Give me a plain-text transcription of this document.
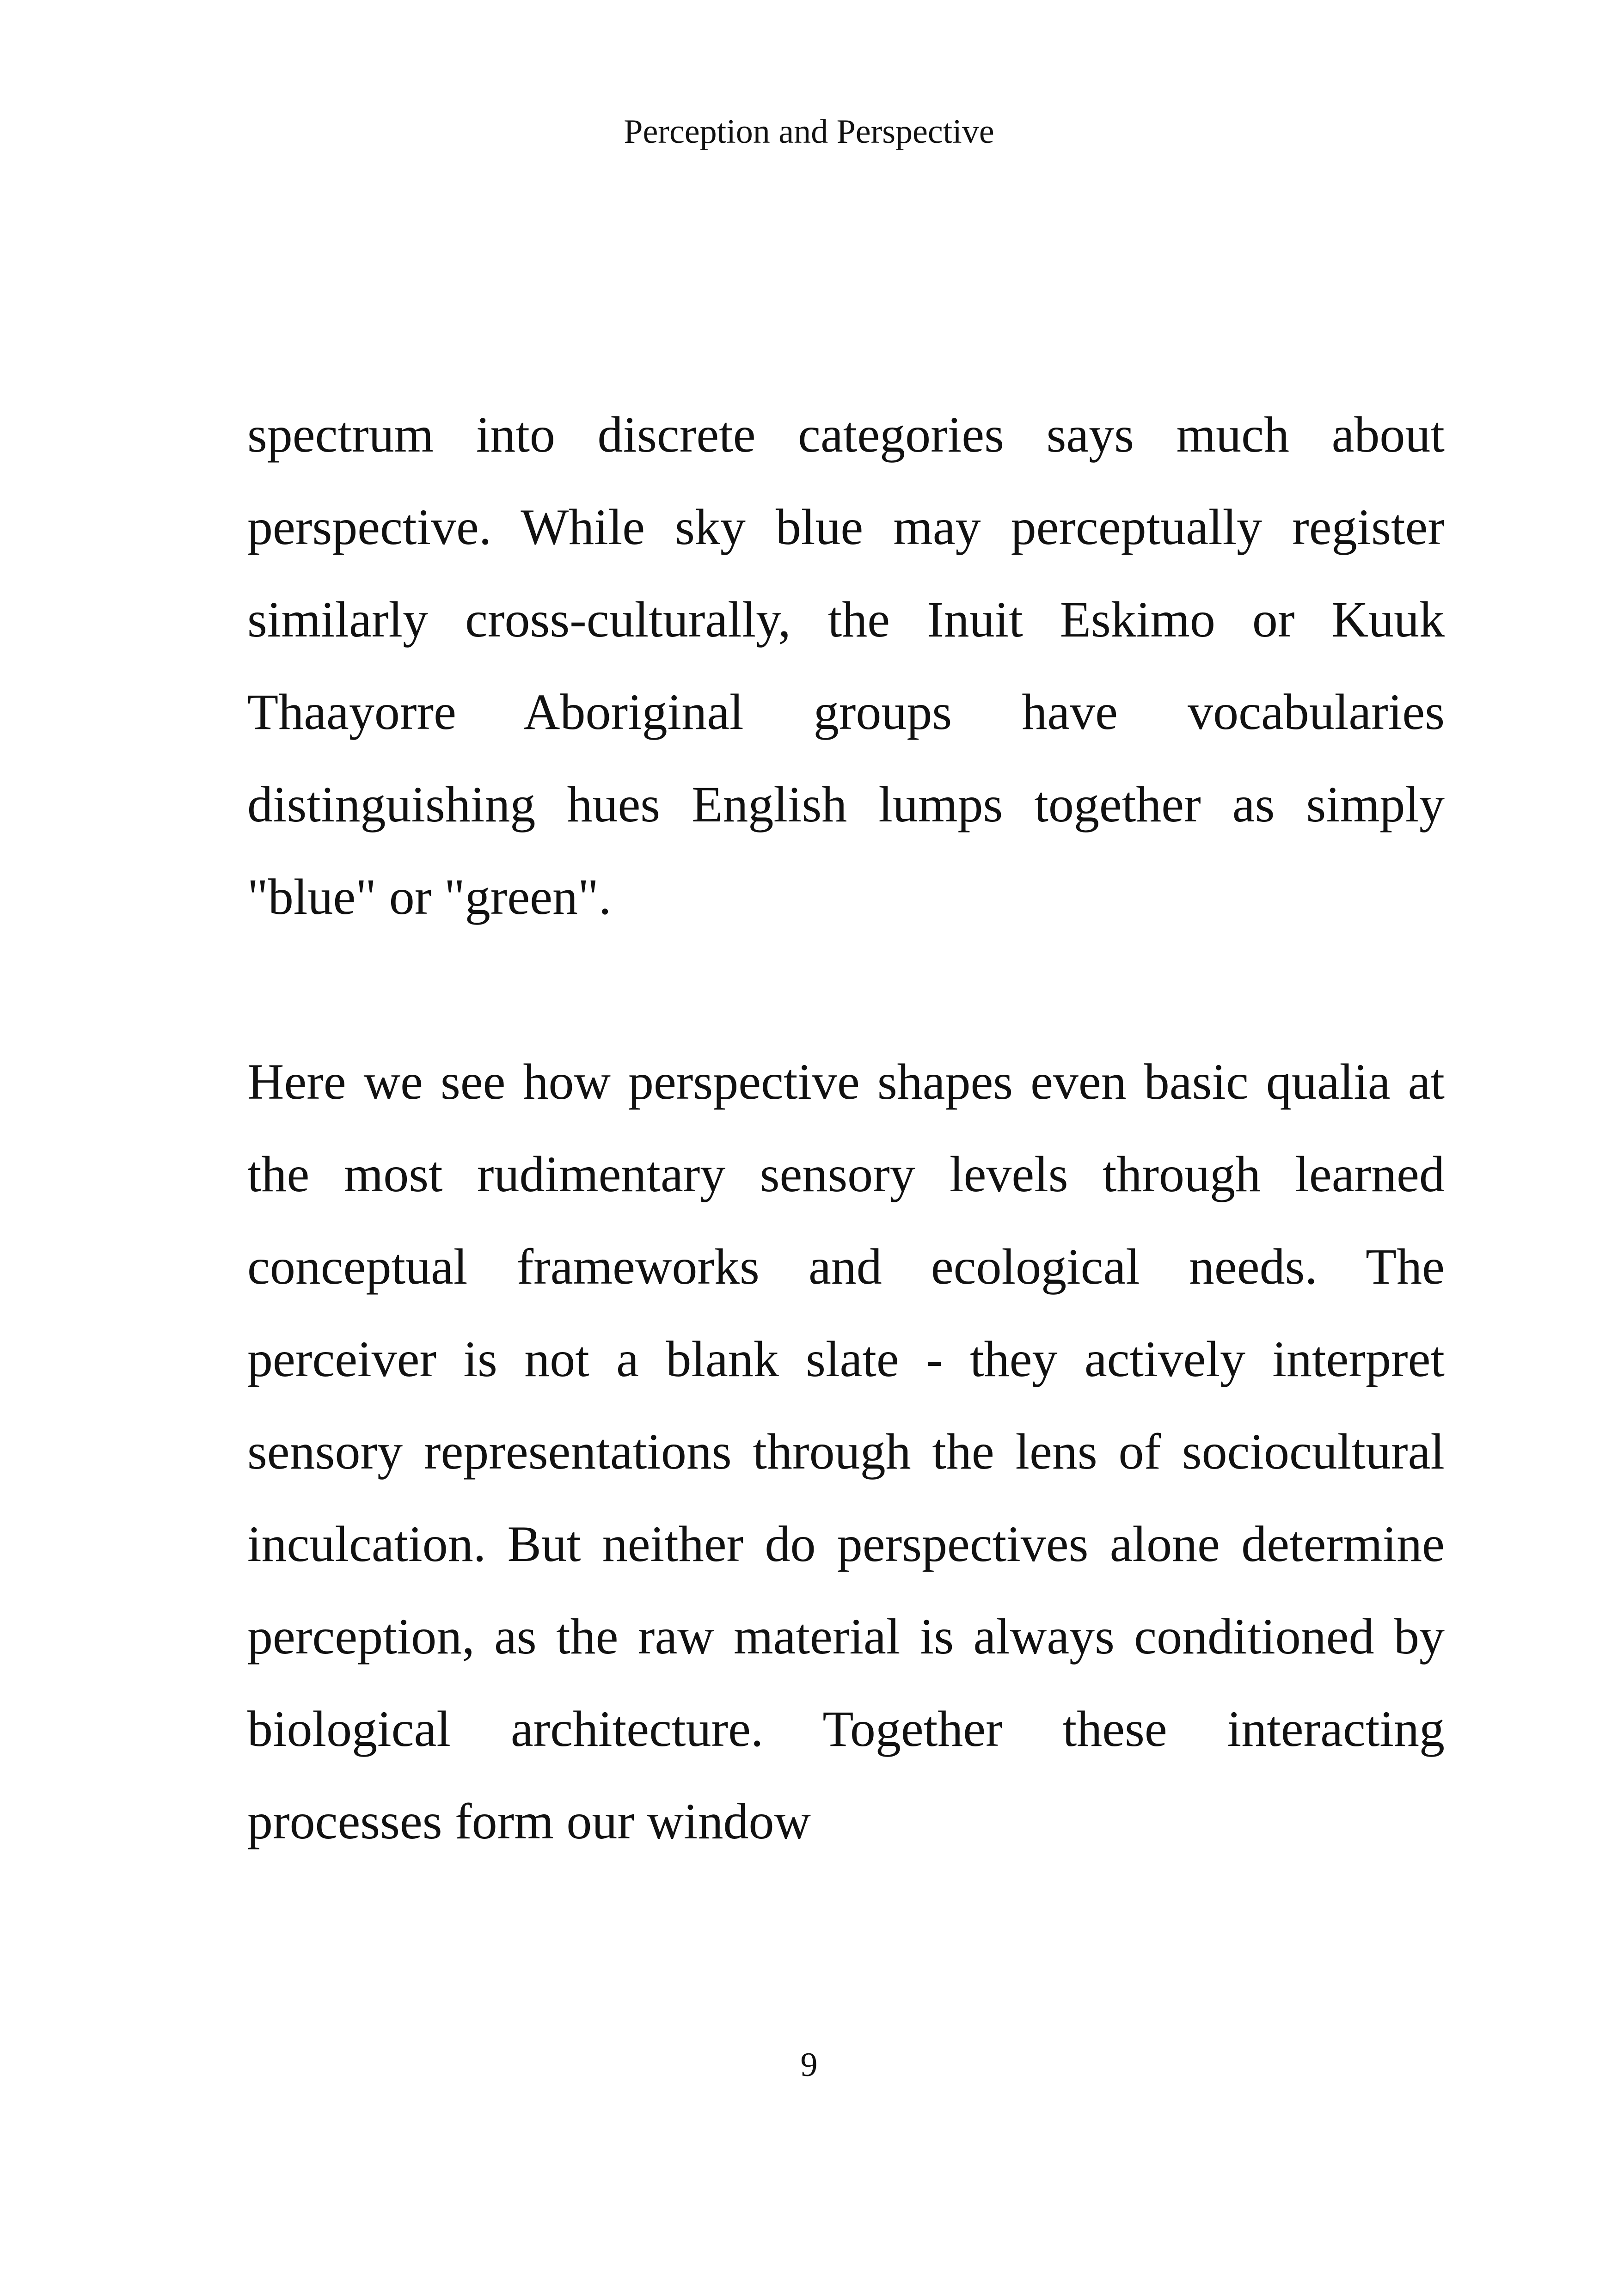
Perception and Perspective

spectrum into discrete categories says much about perspective. While sky blue may perceptually register similarly cross-culturally, the Inuit Eskimo or Kuuk Thaayorre Aboriginal groups have vocabularies distinguishing hues English lumps together as simply "blue" or "green".

Here we see how perspective shapes even basic qualia at the most rudimentary sensory levels through learned conceptual frameworks and ecological needs. The perceiver is not a blank slate - they actively interpret sensory representations through the lens of sociocultural inculcation. But neither do perspectives alone determine perception, as the raw material is always conditioned by biological architecture. Together these interacting processes form our window

9
